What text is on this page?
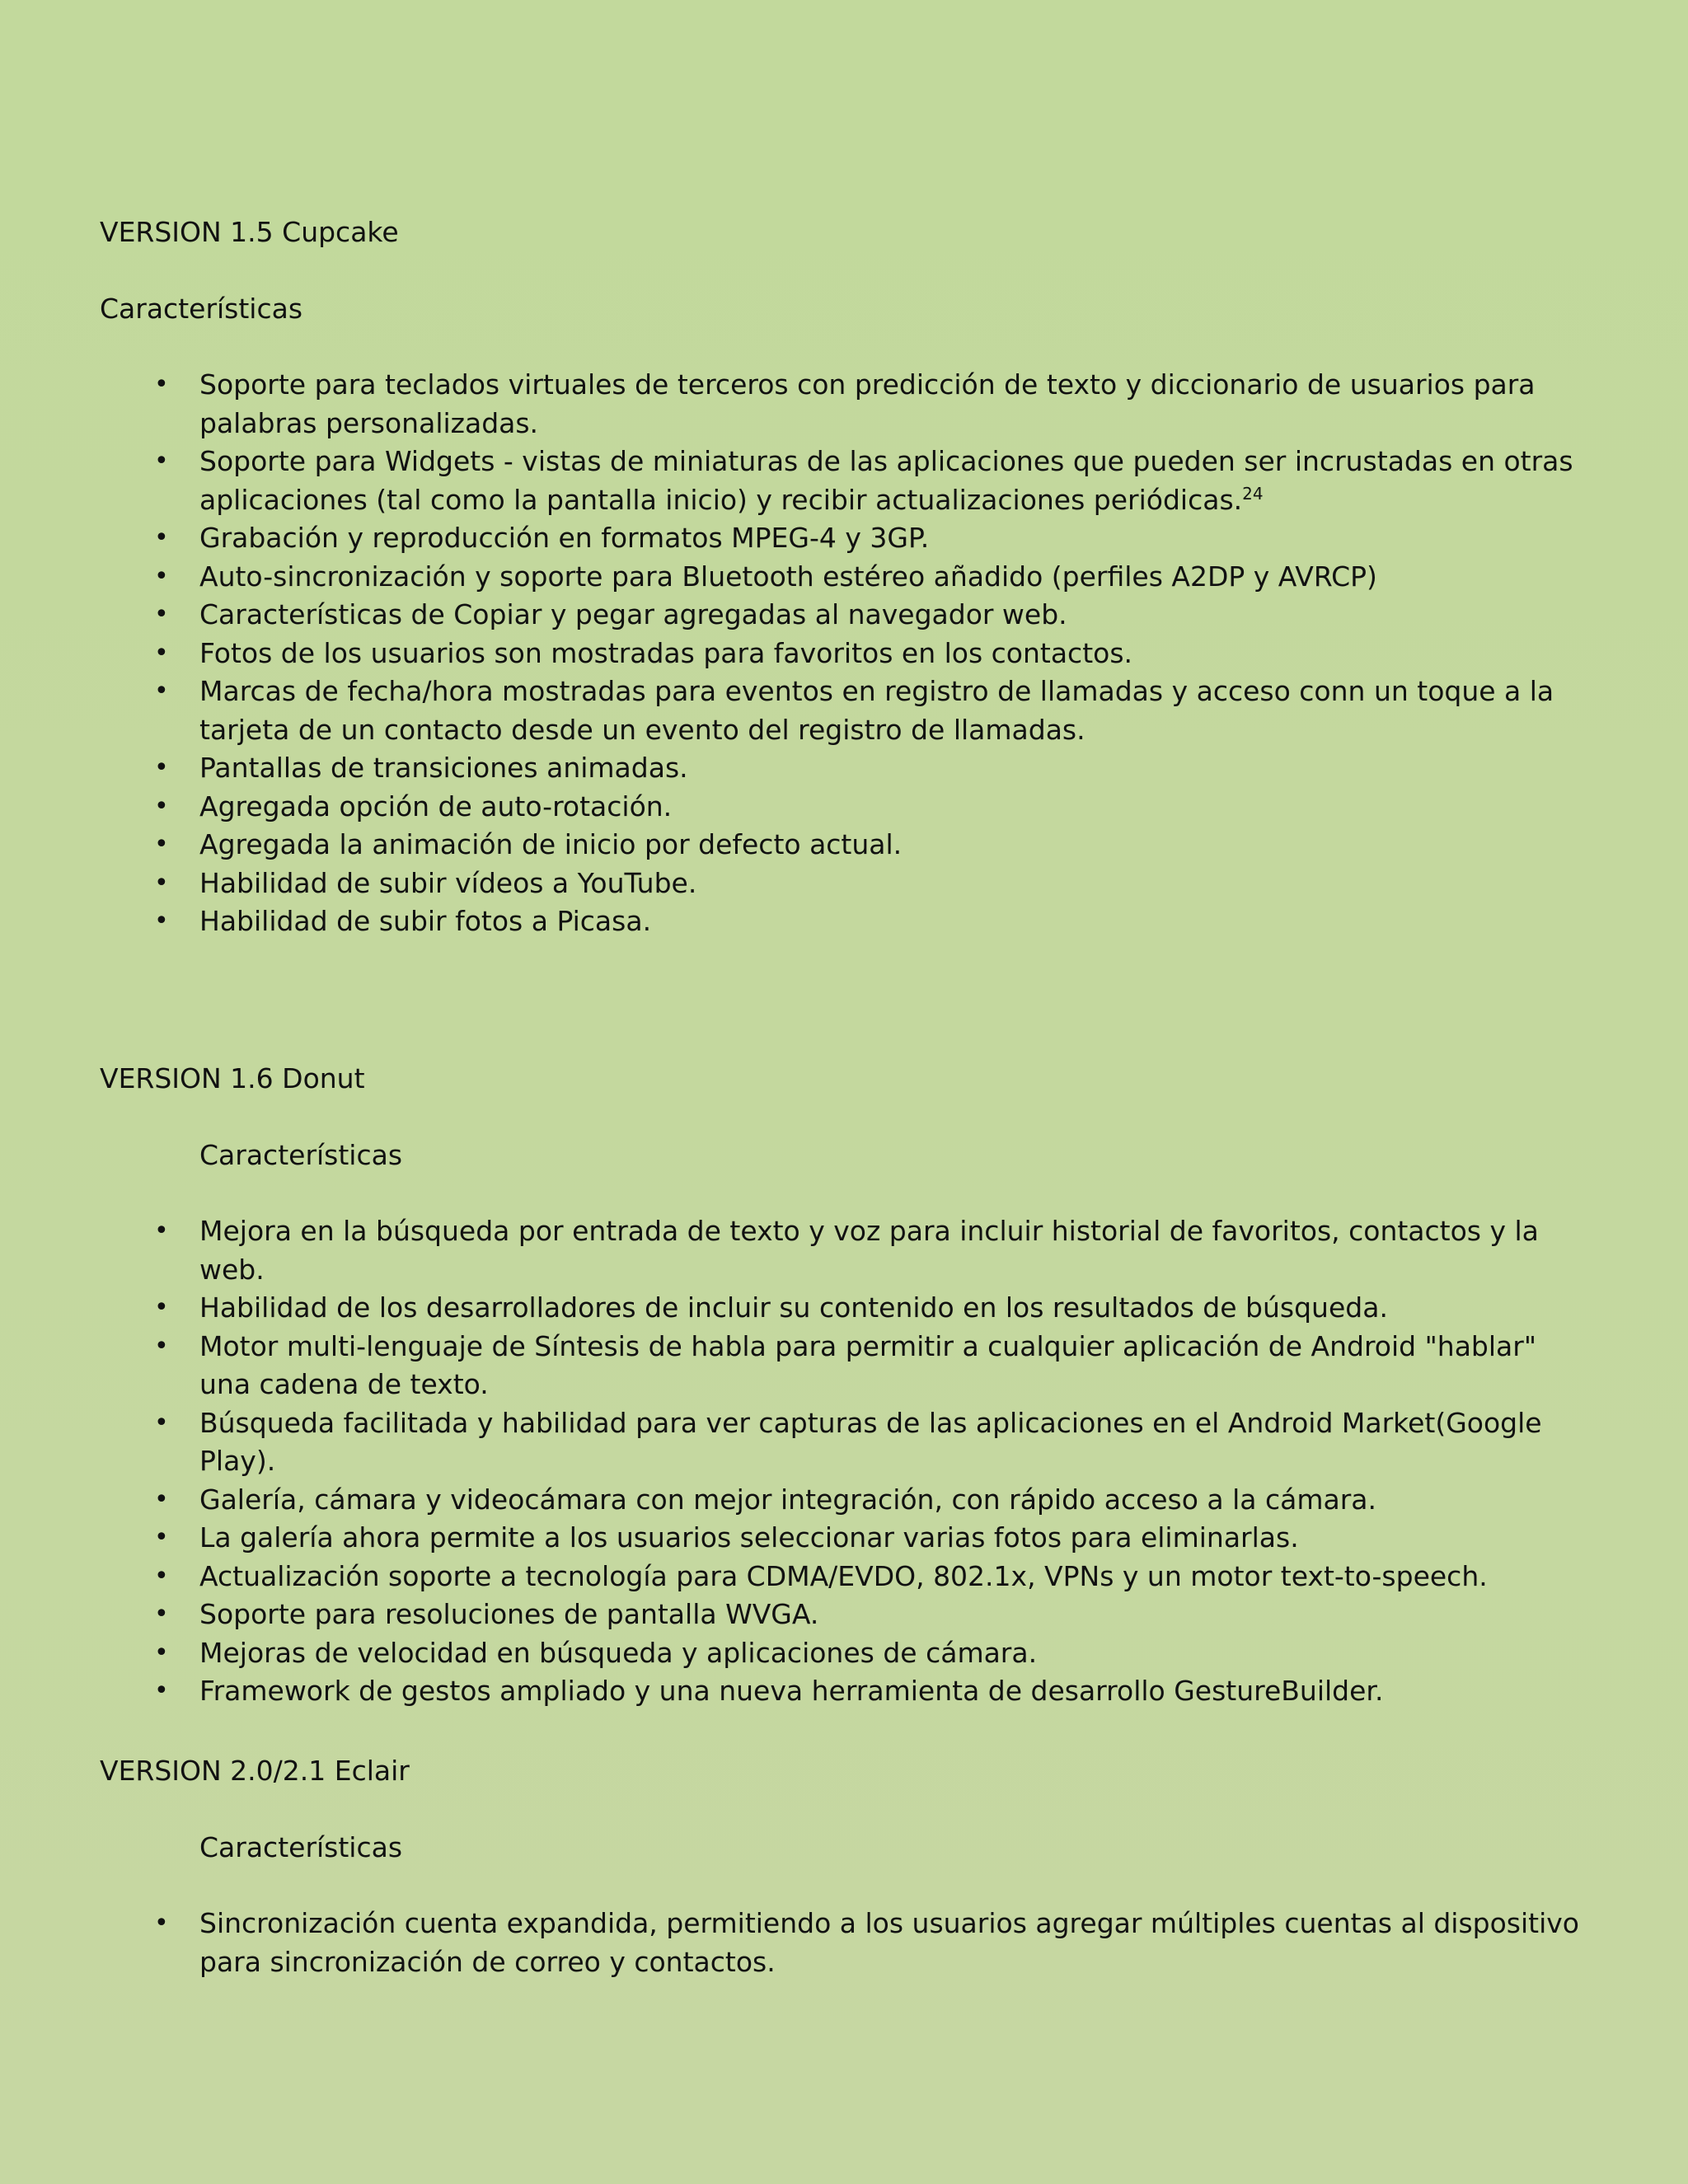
VERSION 1.5 Cupcake

Características

• Soporte para teclados virtuales de terceros con predicción de texto y diccionario de usuarios para palabras personalizadas.
• Soporte para Widgets - vistas de miniaturas de las aplicaciones que pueden ser incrustadas en otras aplicaciones (tal como la pantalla inicio) y recibir actualizaciones periódicas.$^{24}$
• Grabación y reproducción en formatos MPEG-4 y 3GP.
• Auto-sincronización y soporte para Bluetooth estéreo añadido (perfiles A2DP y AVRCP)
• Características de Copiar y pegar agregadas al navegador web.
• Fotos de los usuarios son mostradas para favoritos en los contactos.
• Marcas de fecha/hora mostradas para eventos en registro de llamadas y acceso conn un toque a la tarjeta de un contacto desde un evento del registro de llamadas.
• Pantallas de transiciones animadas.
• Agregada opción de auto-rotación.
• Agregada la animación de inicio por defecto actual.
• Habilidad de subir vídeos a YouTube.
• Habilidad de subir fotos a Picasa.
VERSION 1.6 Donut

Características

• Mejora en la búsqueda por entrada de texto y voz para incluir historial de favoritos, contactos y la web.
• Habilidad de los desarrolladores de incluir su contenido en los resultados de búsqueda.
• Motor multi-lenguaje de Síntesis de habla para permitir a cualquier aplicación de Android "hablar" una cadena de texto.
• Búsqueda facilitada y habilidad para ver capturas de las aplicaciones en el Android Market(Google Play).
• Galería, cámara y videocámara con mejor integración, con rápido acceso a la cámara.
• La galería ahora permite a los usuarios seleccionar varias fotos para eliminarlas.
• Actualización soporte a tecnología para CDMA/EVDO, 802.1x, VPNs y un motor text-to-speech.
• Soporte para resoluciones de pantalla WVGA.
• Mejoras de velocidad en búsqueda y aplicaciones de cámara.
• Framework de gestos ampliado y una nueva herramienta de desarrollo GestureBuilder.
VERSION 2.0/2.1 Eclair

Características

• Sincronización cuenta expandida, permitiendo a los usuarios agregar múltiples cuentas al dispositivo para sincronización de correo y contactos.
